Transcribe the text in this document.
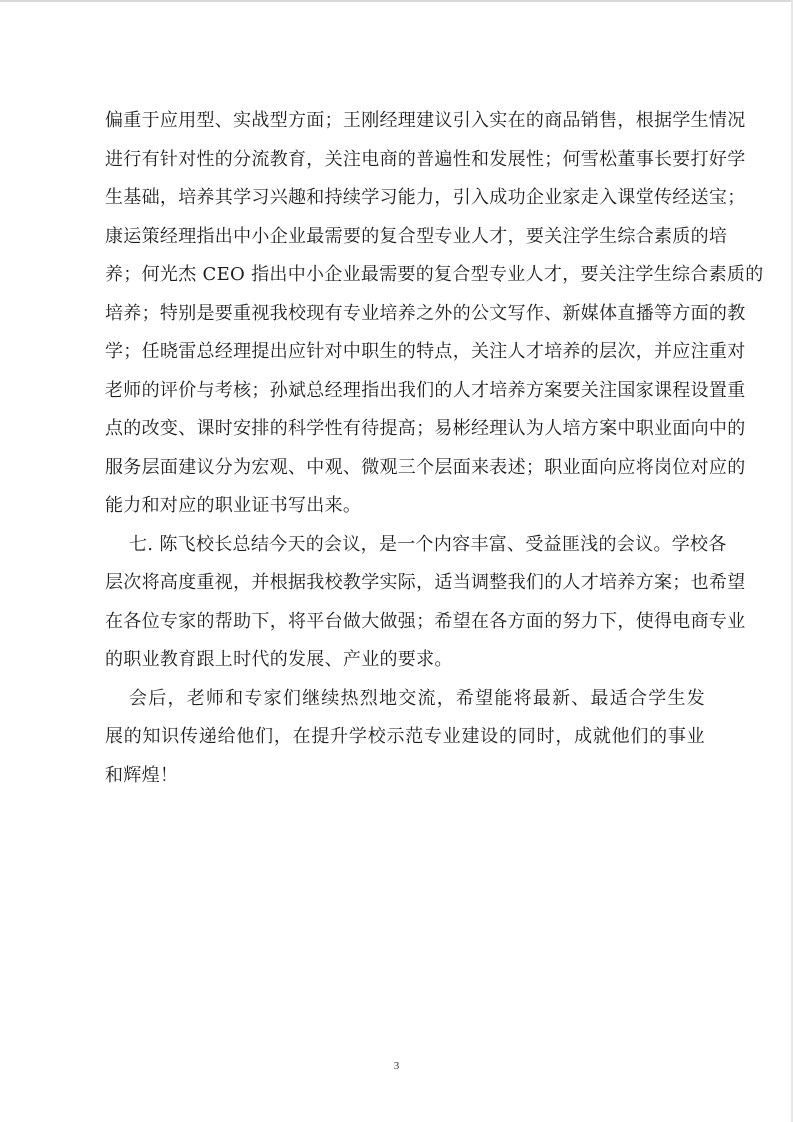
偏重于应用型、实战型方面；王刚经理建议引入实在的商品销售，根据学生情况
进行有针对性的分流教育，关注电商的普遍性和发展性；何雪松董事长要打好学
生基础，培养其学习兴趣和持续学习能力，引入成功企业家走入课堂传经送宝；
康运策经理指出中小企业最需要的复合型专业人才，要关注学生综合素质的培
养；何光杰 CEO 指出中小企业最需要的复合型专业人才，要关注学生综合素质的
培养；特别是要重视我校现有专业培养之外的公文写作、新媒体直播等方面的教
学；任晓雷总经理提出应针对中职生的特点，关注人才培养的层次，并应注重对
老师的评价与考核；孙斌总经理指出我们的人才培养方案要关注国家课程设置重
点的改变、课时安排的科学性有待提高；易彬经理认为人培方案中职业面向中的
服务层面建议分为宏观、中观、微观三个层面来表述；职业面向应将岗位对应的
能力和对应的职业证书写出来。
七. 陈飞校长总结今天的会议，是一个内容丰富、受益匪浅的会议。学校各
层次将高度重视，并根据我校教学实际，适当调整我们的人才培养方案；也希望
在各位专家的帮助下，将平台做大做强；希望在各方面的努力下，使得电商专业
的职业教育跟上时代的发展、产业的要求。
会后，老师和专家们继续热烈地交流，希望能将最新、最适合学生发
展的知识传递给他们，在提升学校示范专业建设的同时，成就他们的事业
和辉煌！
3
